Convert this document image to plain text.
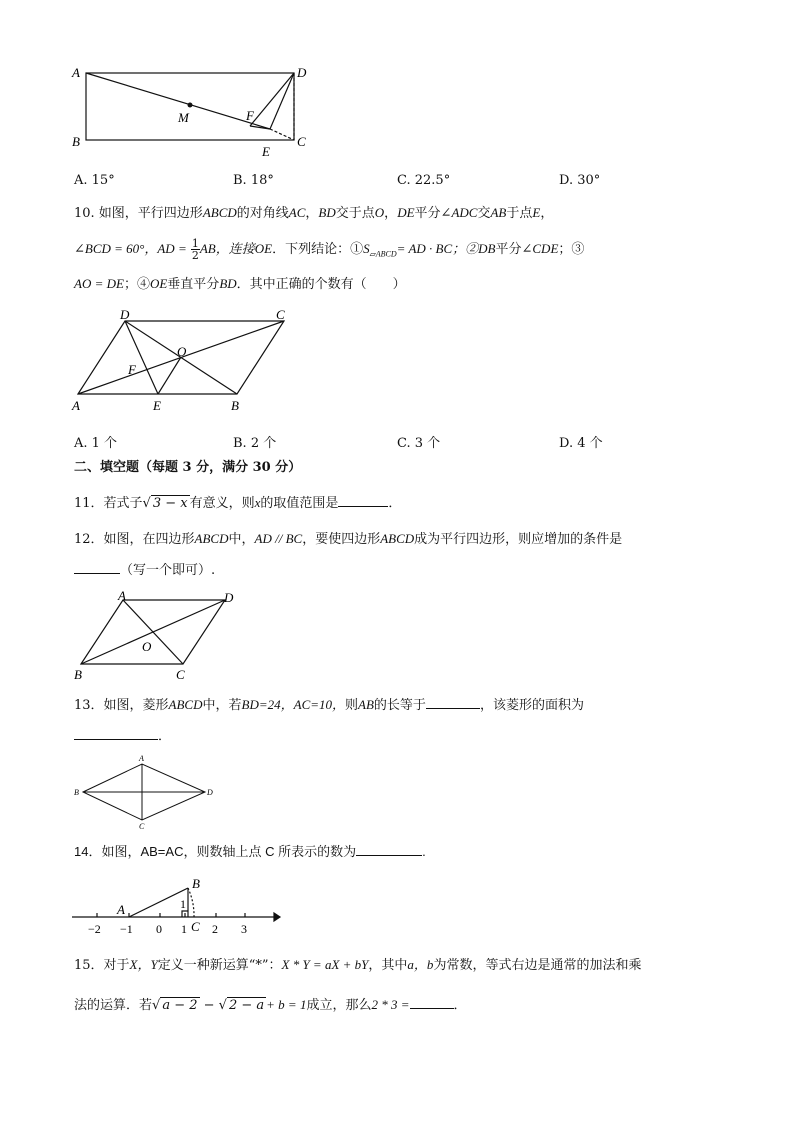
A	D
B	C
M	F
E
A. 15°	B. 18°	C. 22.5°	D. 30°
10. 如图，平行四边形ABCD的对角线AC，BD交于点O，DE平分∠ADC交AB于点E，
∠BCD = 60°，AD = $\frac{1}{2}$ AB，连接OE．下列结论：$①S_{▱ABCD}=$ AD · BC；②DB平分∠CDE；③
AO = DE；④OE垂直平分BD．其中正确的个数有（　　）
D	C
O
F
A	E	B
A. 1 个	B. 2 个	C. 3 个	D. 4 个
二、填空题（每题 3 分，满分 30 分）
11．若式子√ 3 − x 有意义，则x的取值范围是	．
12．如图，在四边形ABCD中，AD // BC，要使四边形ABCD成为平行四边形，则应增加的条件是
（写一个即可）.
A	D
O
B	C
13．如图，菱形ABCD中，若BD=24，AC=10，则AB的长等于	，该菱形的面积为
．
A
B	D
C
14．如图，AB=AC，则数轴上点 C 所表示的数为	.
B
A	1
C
−2 −1 0 1 2 3
15．对于X，Y定义一种新运算“*”：X * Y = aX + bY，其中a，b为常数，等式右边是通常的加法和乘
法的运算．若√ a − 2 − √ 2 − a + b = 1成立，那么2 * 3 =	．
